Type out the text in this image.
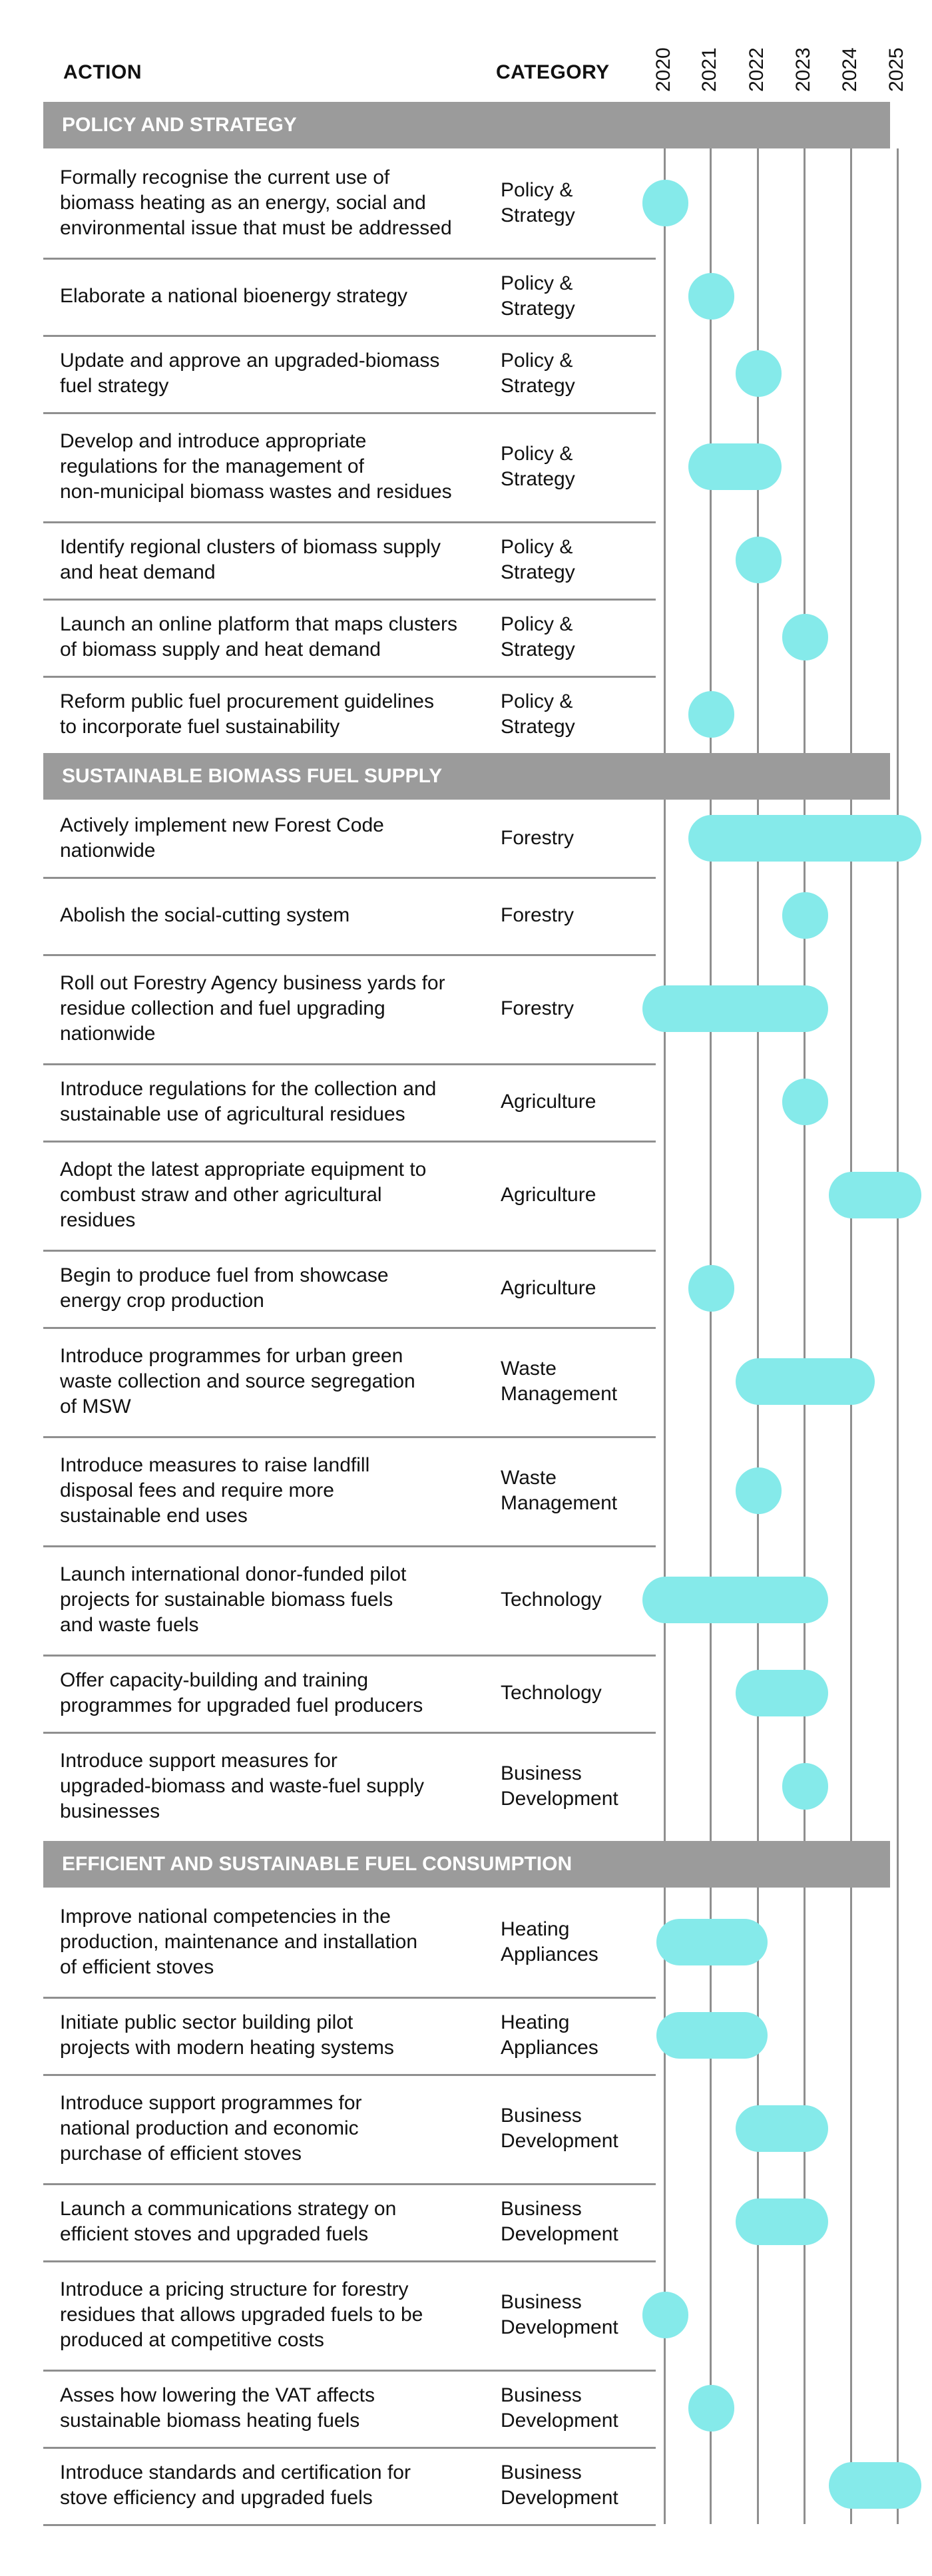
ACTION	CATEGORY 2020 2021 2022 2023 2024 2025
POLICY AND STRATEGY
Formally recognise the current use of
biomass heating as an energy, social and
environmental issue that must be addressed
Policy &
Strategy
Elaborate a national bioenergy strategy
Policy &
Strategy
Update and approve an upgraded-biomass
fuel strategy
Policy &
Strategy
Develop and introduce appropriate
regulations for the management of
non-municipal biomass wastes and residues
Policy &
Strategy
Identify regional clusters of biomass supply
and heat demand
Policy &
Strategy
Launch an online platform that maps clusters
of biomass supply and heat demand
Policy &
Strategy
Reform public fuel procurement guidelines
to incorporate fuel sustainability
Policy &
Strategy
SUSTAINABLE BIOMASS FUEL SUPPLY
Actively implement new Forest Code
nationwide
Forestry
Abolish the social-cutting system	Forestry
Roll out Forestry Agency business yards for
residue collection and fuel upgrading
nationwide
Forestry
Introduce regulations for the collection and
sustainable use of agricultural residues
Agriculture
Adopt the latest appropriate equipment to
combust straw and other agricultural
residues
Agriculture
Begin to produce fuel from showcase
energy crop production
Agriculture
Introduce programmes for urban green
waste collection and source segregation
of MSW
Waste
Management
Introduce measures to raise landfill
disposal fees and require more
sustainable end uses
Waste
Management
Launch international donor-funded pilot
projects for sustainable biomass fuels
and waste fuels
Technology
Offer capacity-building and training
programmes for upgraded fuel producers
Technology
Introduce support measures for
upgraded-biomass and waste-fuel supply
businesses
Business
Development
EFFICIENT AND SUSTAINABLE FUEL CONSUMPTION
Improve national competencies in the
production, maintenance and installation
of efficient stoves
Heating
Appliances
Initiate public sector building pilot
projects with modern heating systems
Heating
Appliances
Introduce support programmes for
national production and economic
purchase of efficient stoves
Business
Development
Launch a communications strategy on
efficient stoves and upgraded fuels
Business
Development
Introduce a pricing structure for forestry
residues that allows upgraded fuels to be
produced at competitive costs
Business
Development
Asses how lowering the VAT affects
sustainable biomass heating fuels
Business
Development
Introduce standards and certification for
stove efficiency and upgraded fuels
Business
Development
